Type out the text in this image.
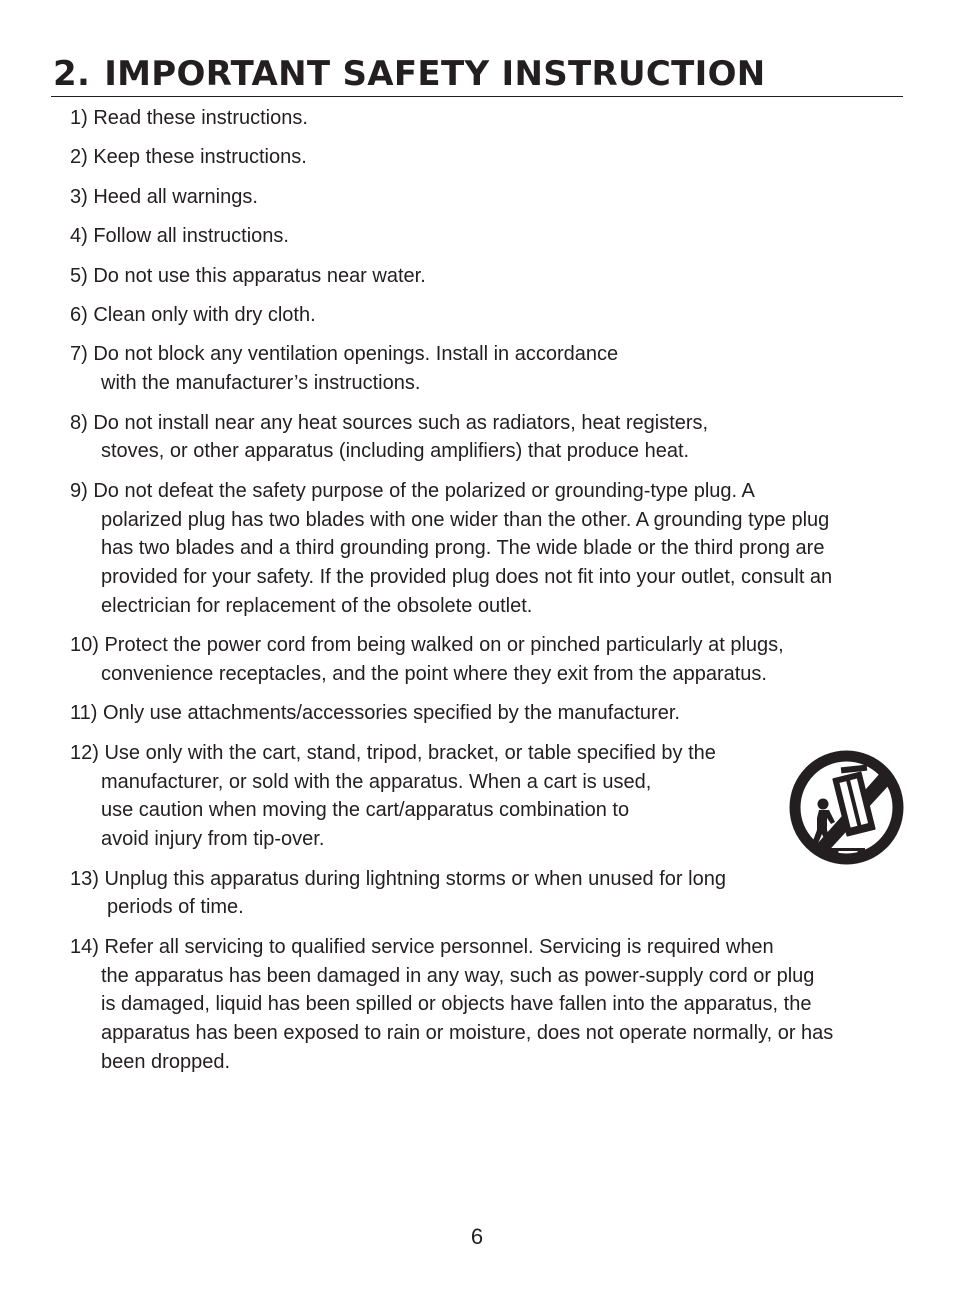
2. IMPORTANT SAFETY INSTRUCTION
1) Read these instructions.
2) Keep these instructions.
3) Heed all warnings.
4) Follow all instructions.
5) Do not use this apparatus near water.
6) Clean only with dry cloth.
7) Do not block any ventilation openings. Install in accordance
with the manufacturer’s instructions.
8) Do not install near any heat sources such as radiators, heat registers,
stoves, or other apparatus (including amplifiers) that produce heat.
9) Do not defeat the safety purpose of the polarized or grounding-type plug. A
polarized plug has two blades with one wider than the other. A grounding type plug
has two blades and a third grounding prong. The wide blade or the third prong are
provided for your safety. If the provided plug does not fit into your outlet, consult an
electrician for replacement of the obsolete outlet.
10) Protect the power cord from being walked on or pinched particularly at plugs,
convenience receptacles, and the point where they exit from the apparatus.
11) Only use attachments/accessories specified by the manufacturer.
12) Use only with the cart, stand, tripod, bracket, or table specified by the
manufacturer, or sold with the apparatus. When a cart is used,
use caution when moving the cart/apparatus combination to
avoid injury from tip-over.
13) Unplug this apparatus during lightning storms or when unused for long
periods of time.
14) Refer all servicing to qualified service personnel. Servicing is required when
the apparatus has been damaged in any way, such as power-supply cord or plug
is damaged, liquid has been spilled or objects have fallen into the apparatus, the
apparatus has been exposed to rain or moisture, does not operate normally, or has
been dropped.
6
